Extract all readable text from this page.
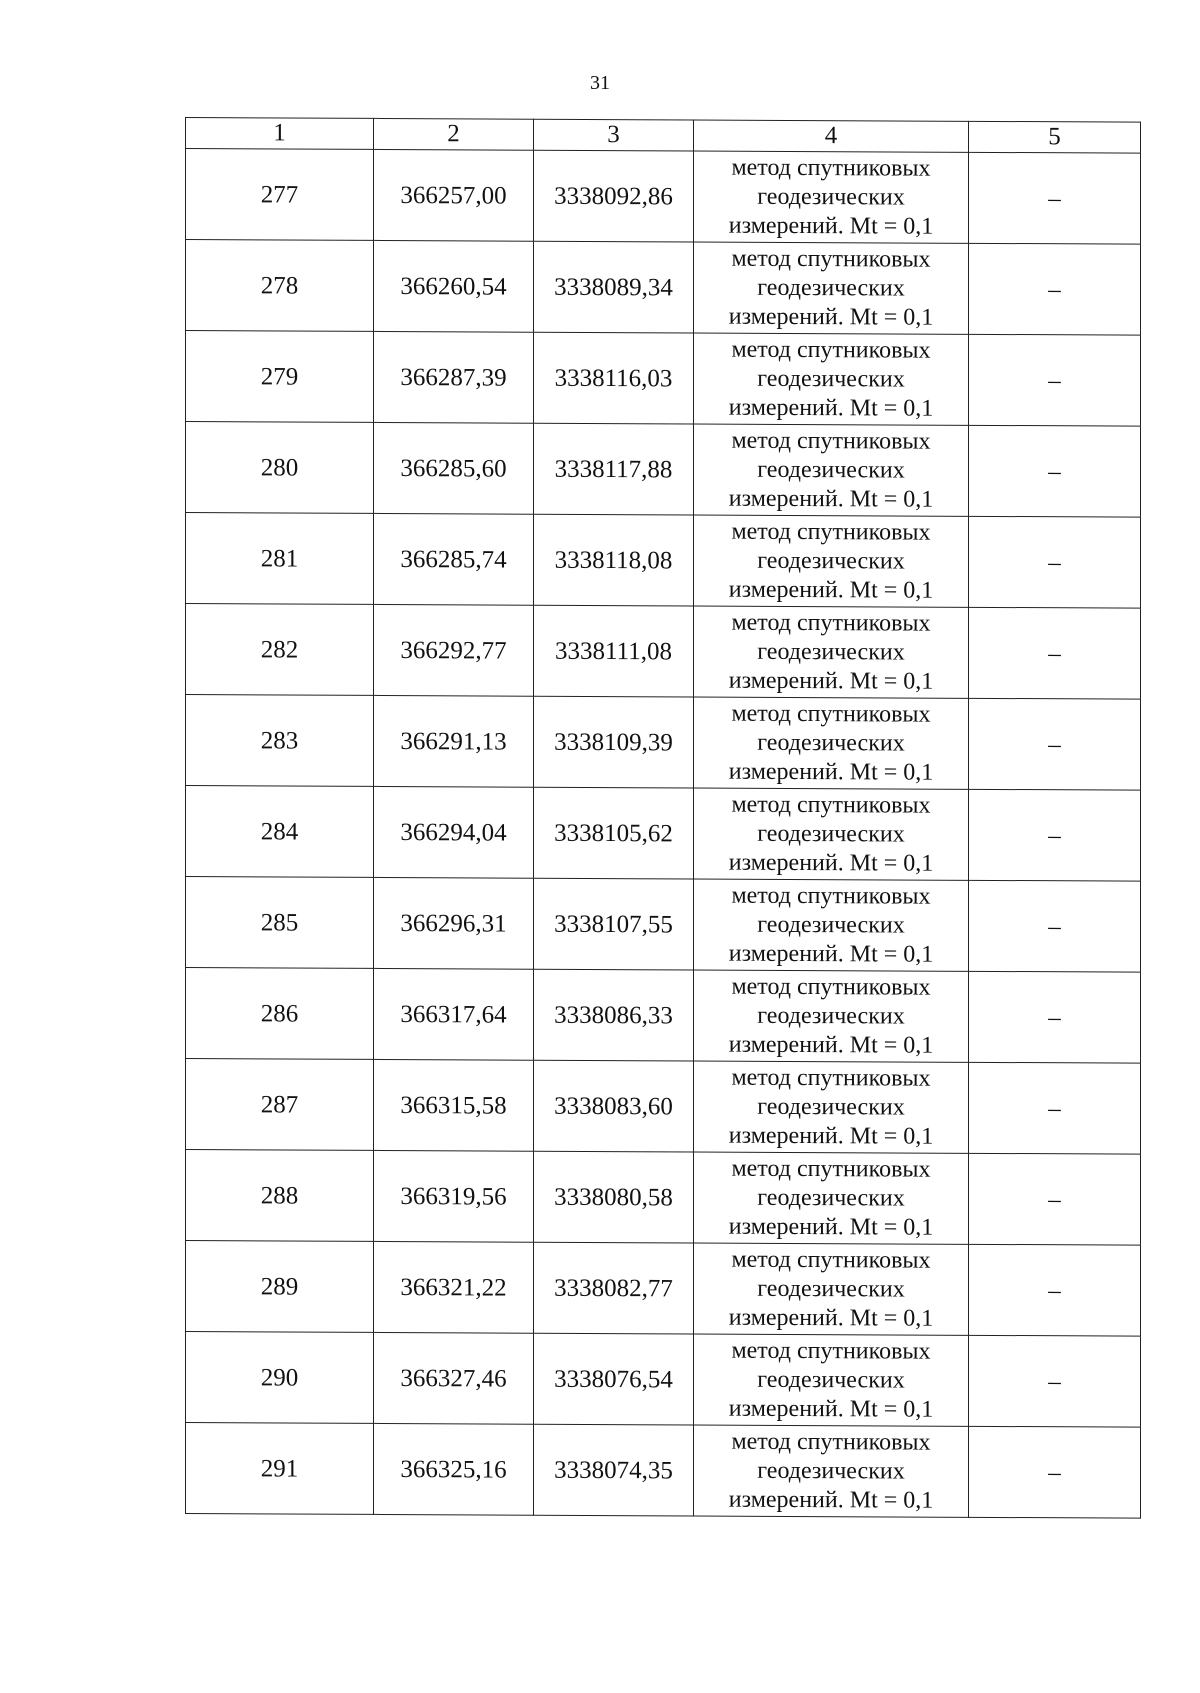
31
1	2	3	4	5
277	366257,00	3338092,86	метод спутниковых
геодезических
измерений. Mt = 0,1	–
278	366260,54	3338089,34	метод спутниковых
геодезических
измерений. Mt = 0,1	–
279	366287,39	3338116,03	метод спутниковых
геодезических
измерений. Mt = 0,1	–
280	366285,60	3338117,88	метод спутниковых
геодезических
измерений. Mt = 0,1	–
281	366285,74	3338118,08	метод спутниковых
геодезических
измерений. Mt = 0,1	–
282	366292,77	3338111,08	метод спутниковых
геодезических
измерений. Mt = 0,1	–
283	366291,13	3338109,39	метод спутниковых
геодезических
измерений. Mt = 0,1	–
284	366294,04	3338105,62	метод спутниковых
геодезических
измерений. Mt = 0,1	–
285	366296,31	3338107,55	метод спутниковых
геодезических
измерений. Mt = 0,1	–
286	366317,64	3338086,33	метод спутниковых
геодезических
измерений. Mt = 0,1	–
287	366315,58	3338083,60	метод спутниковых
геодезических
измерений. Mt = 0,1	–
288	366319,56	3338080,58	метод спутниковых
геодезических
измерений. Mt = 0,1	–
289	366321,22	3338082,77	метод спутниковых
геодезических
измерений. Mt = 0,1	–
290	366327,46	3338076,54	метод спутниковых
геодезических
измерений. Mt = 0,1	–
291	366325,16	3338074,35	метод спутниковых
геодезических
измерений. Mt = 0,1	–
